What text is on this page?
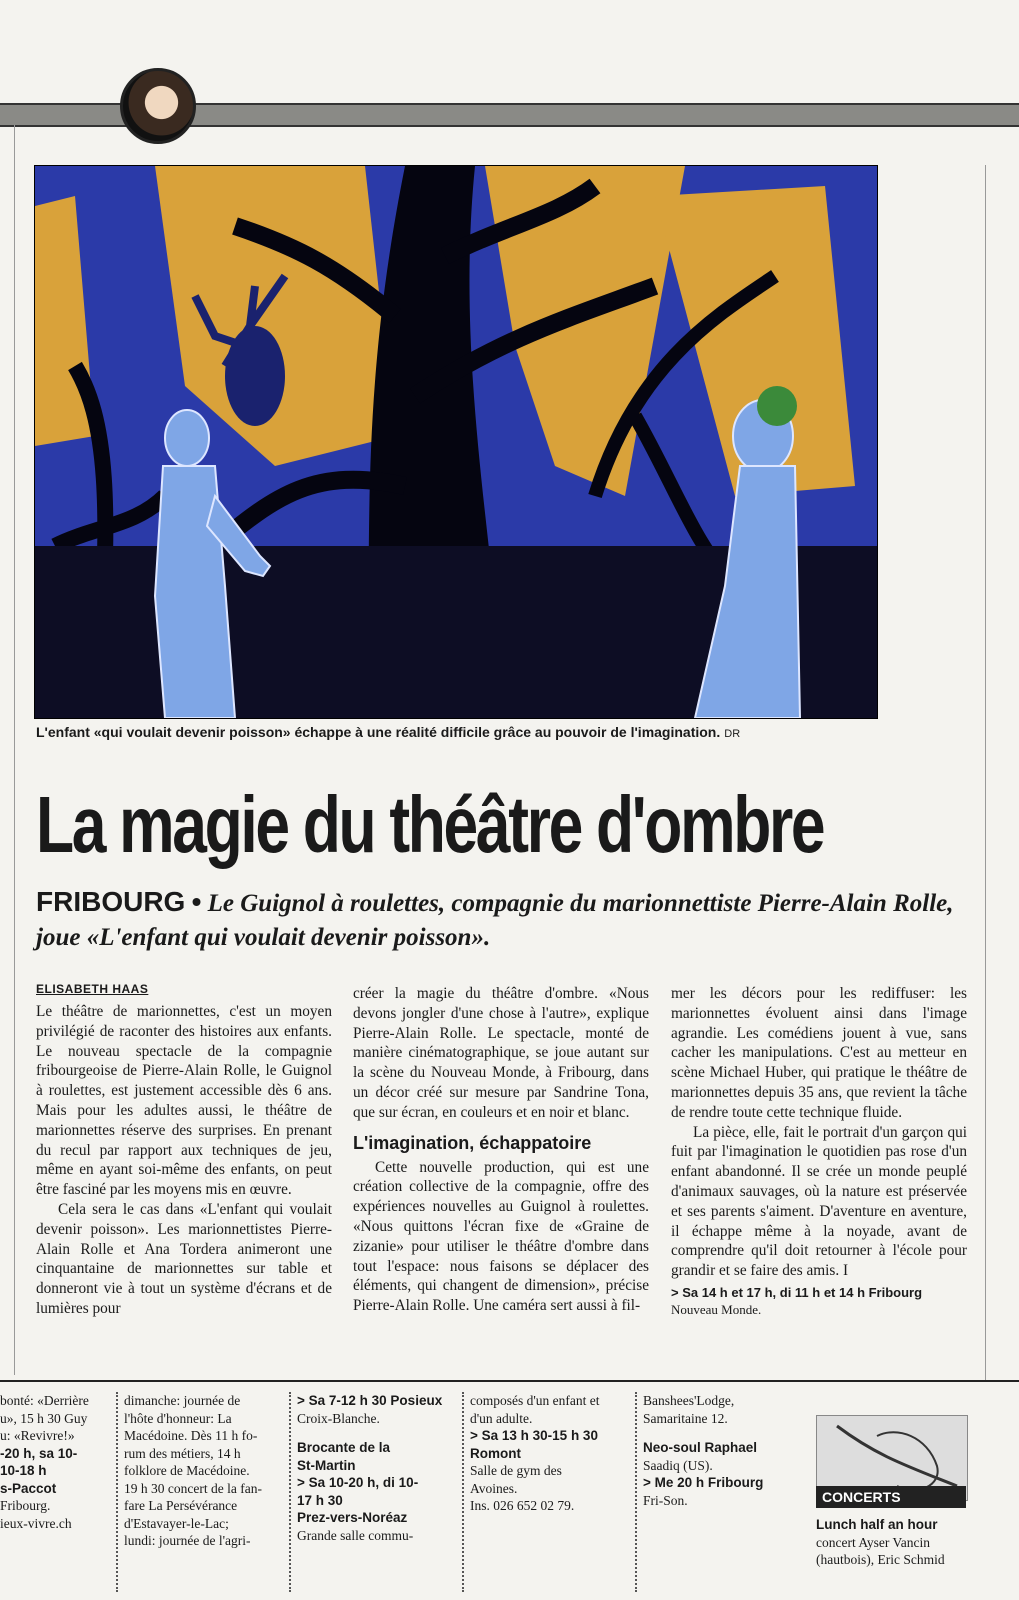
L'enfant «qui voulait devenir poisson» échappe à une réalité difficile grâce au pouvoir de l'imagination. DR
La magie du théâtre d'ombre
FRIBOURG • Le Guignol à roulettes, compagnie du marionnettiste Pierre-Alain Rolle, joue «L'enfant qui voulait devenir poisson».
ELISABETH HAAS

Le théâtre de marionnettes, c'est un moyen privilégié de raconter des histoires aux enfants. Le nouveau spectacle de la compagnie fribourgeoise de Pierre-Alain Rolle, le Guignol à roulettes, est justement accessible dès 6 ans. Mais pour les adultes aussi, le théâtre de marionnettes réserve des surprises. En prenant du recul par rapport aux techniques de jeu, même en ayant soi-même des enfants, on peut être fasciné par les moyens mis en œuvre.

Cela sera le cas dans «L'enfant qui voulait devenir poisson». Les marionnettistes Pierre-Alain Rolle et Ana Tordera animeront une cinquantaine de marionnettes sur table et donneront vie à tout un système d'écrans et de lumières pour

créer la magie du théâtre d'ombre. «Nous devons jongler d'une chose à l'autre», explique Pierre-Alain Rolle. Le spectacle, monté de manière cinématographique, se joue autant sur la scène du Nouveau Monde, à Fribourg, dans un décor créé sur mesure par Sandrine Tona, que sur écran, en couleurs et en noir et blanc.

L'imagination, échappatoire

Cette nouvelle production, qui est une création collective de la compagnie, offre des expériences nouvelles au Guignol à roulettes. «Nous quittons l'écran fixe de «Graine de zizanie» pour utiliser le théâtre d'ombre dans tout l'espace: nous faisons se déplacer des éléments, qui changent de dimension», précise Pierre-Alain Rolle. Une caméra sert aussi à fil-

mer les décors pour les rediffuser: les marionnettes évoluent ainsi dans l'image agrandie. Les comédiens jouent à vue, sans cacher les manipulations. C'est au metteur en scène Michael Huber, qui pratique le théâtre de marionnettes depuis 35 ans, que revient la tâche de rendre toute cette technique fluide.

La pièce, elle, fait le portrait d'un garçon qui fuit par l'imagination le quotidien pas rose d'un enfant abandonné. Il se crée un monde peuplé d'animaux sauvages, où la nature est préservée et ses parents s'aiment. D'aventure en aventure, il échappe même à la noyade, avant de comprendre qu'il doit retourner à l'école pour grandir et se faire des amis. I

> Sa 14 h et 17 h, di 11 h et 14 h Fribourg
Nouveau Monde.
bonté: «Derrière
u», 15 h 30 Guy
u: «Revivre!»
-20 h, sa 10-
10-18 h
s-Paccot
Fribourg.
ieux-vivre.ch
dimanche: journée de
l'hôte d'honneur: La
Macédoine. Dès 11 h fo-
rum des métiers, 14 h
folklore de Macédoine.
19 h 30 concert de la fan-
fare La Persévérance
d'Estavayer-le-Lac;
lundi: journée de l'agri-
> Sa 7-12 h 30 Posieux
Croix-Blanche.
Brocante de la
St-Martin
> Sa 10-20 h, di 10-
17 h 30
Prez-vers-Noréaz
Grande salle commu-
composés d'un enfant et
d'un adulte.
> Sa 13 h 30-15 h 30
Romont
Salle de gym des
Avoines.
Ins. 026 652 02 79.
Banshees'Lodge,
Samaritaine 12.
Neo-soul Raphael
Saadiq (US).
> Me 20 h Fribourg
Fri-Son.	CONCERTS
Lunch half an hour
concert Ayser Vancin
(hautbois), Eric Schmid
